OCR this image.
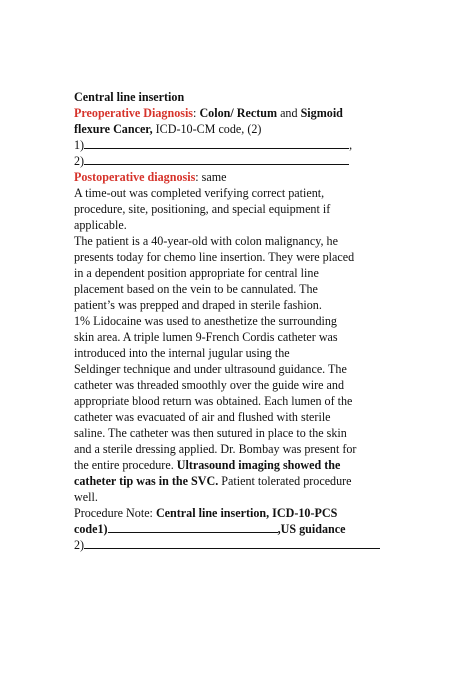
Central line insertion
Preoperative Diagnosis: Colon/ Rectum and Sigmoid
flexure Cancer, ICD-10-CM code, (2)
1)	,
2)
Postoperative diagnosis: same
A time-out was completed verifying correct patient,
procedure, site, positioning, and special equipment if
applicable.
The patient is a 40-year-old with colon malignancy, he
presents today for chemo line insertion. They were placed
in a dependent position appropriate for central line
placement based on the vein to be cannulated. The
patient’s was prepped and draped in sterile fashion.
1% Lidocaine was used to anesthetize the surrounding
skin area. A triple lumen 9-French Cordis catheter was
introduced into the internal jugular using the
Seldinger technique and under ultrasound guidance. The
catheter was threaded smoothly over the guide wire and
appropriate blood return was obtained. Each lumen of the
catheter was evacuated of air and flushed with sterile
saline. The catheter was then sutured in place to the skin
and a sterile dressing applied. Dr. Bombay was present for
the entire procedure. Ultrasound imaging showed the
catheter tip was in the SVC. Patient tolerated procedure
well.
Procedure Note: Central line insertion, ICD-10-PCS
code1)	,US guidance
2)
